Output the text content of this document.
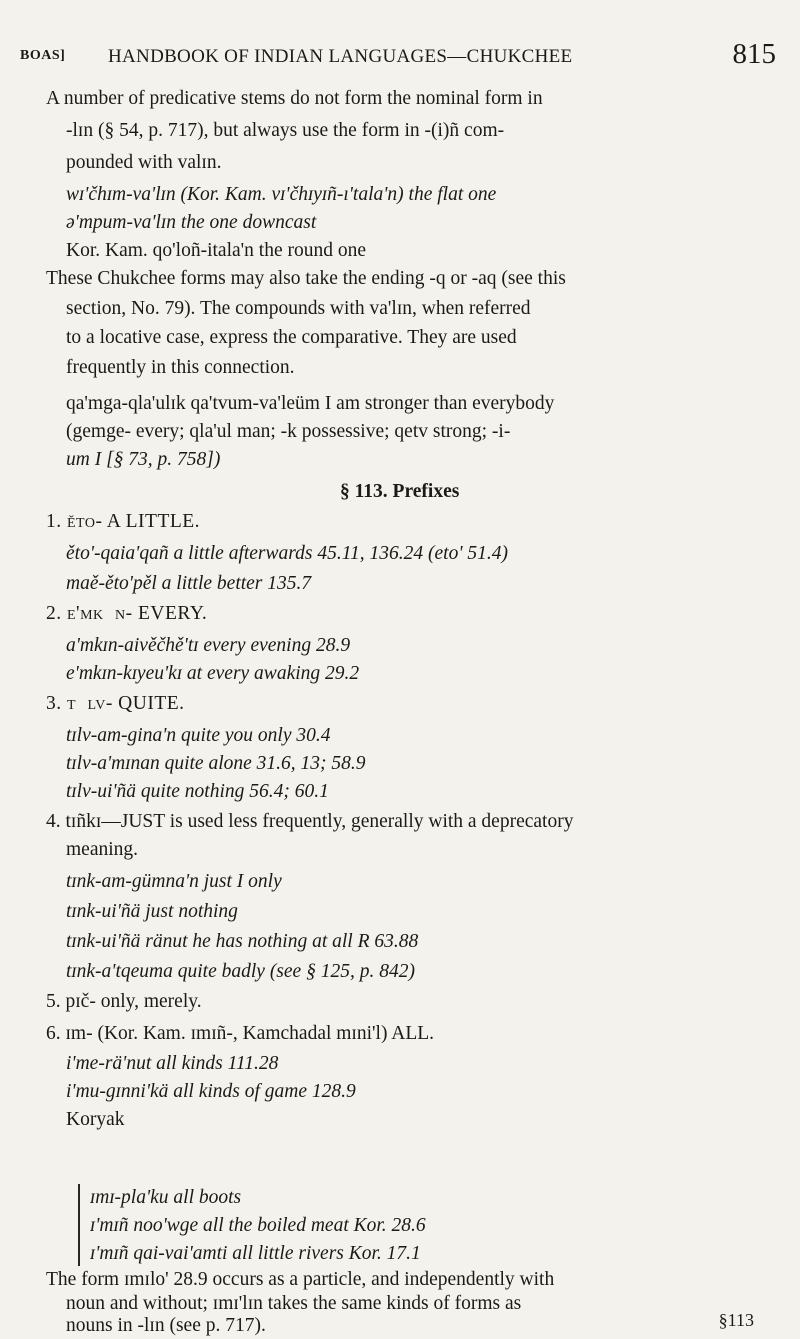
BOAS] HANDBOOK OF INDIAN LANGUAGES—CHUKCHEE	815
A number of predicative stems do not form the nominal form in
-lɪn (§ 54, p. 717), but always use the form in -(i)ñ com-
pounded with valɪn.
wɪ'čhɪm-va'lɪn (Kor. Kam. vɪ'čhɪyɪñ-ı'tala'n) the flat one
ə'mpum-va'lɪn the one downcast
Kor. Kam. qo'loñ-itala'n the round one
These Chukchee forms may also take the ending -q or -aq (see this
section, No. 79). The compounds with va'lɪn, when referred
to a locative case, express the comparative. They are used
frequently in this connection.
qa'mga-qla'ulɪk qa'tvum-va'lеüm I am stronger than everybody
(gemge- every; qla'ul man; -k possessive; qetv strong; -i-
um I [§ 73, p. 758])
§ 113. Prefixes
1. ěto- A LITTLE.
ěto'-qaia'qañ a little afterwards 45.11, 136.24 (eto' 51.4)
maě-ěto'pěl a little better 135.7
2. e'mkɪn- EVERY.
a'mkɪn-aivěčhě'tɪ every evening 28.9
e'mkɪn-kɪyeu'kɪ at every awaking 29.2
3. tɪlv- QUITE.
tɪlv-am-gina'n quite you only 30.4
tɪlv-a'mɪnan quite alone 31.6, 13; 58.9
tɪlv-ui'ñä quite nothing 56.4; 60.1
4. tɪñkɪ—JUST is used less frequently, generally with a deprecatory
meaning.
tɪnk-am-gümna'n just I only
tɪnk-ui'ñä just nothing
tɪnk-ui'ñä ränut he has nothing at all R 63.88
tɪnk-a'tqeuma quite badly (see § 125, p. 842)
5. pɪč- only, merely.
6. ɪm- (Kor. Kam. ɪmɪñ-, Kamchadal mɪni'l) ALL.
i'me-rä'nut all kinds 111.28
i'mu-gɪnni'kä all kinds of game 128.9
Koryak
ɪmɪ-pla'ku all boots
ɪ'mɪñ noo'wge all the boiled meat Kor. 28.6
ɪ'mɪñ qai-vai'amti all little rivers Kor. 17.1
The form ɪmɪlo' 28.9 occurs as a particle, and independently with
noun and without; ɪmɪ'lɪn takes the same kinds of forms as
nouns in -lɪn (see p. 717).	§113
